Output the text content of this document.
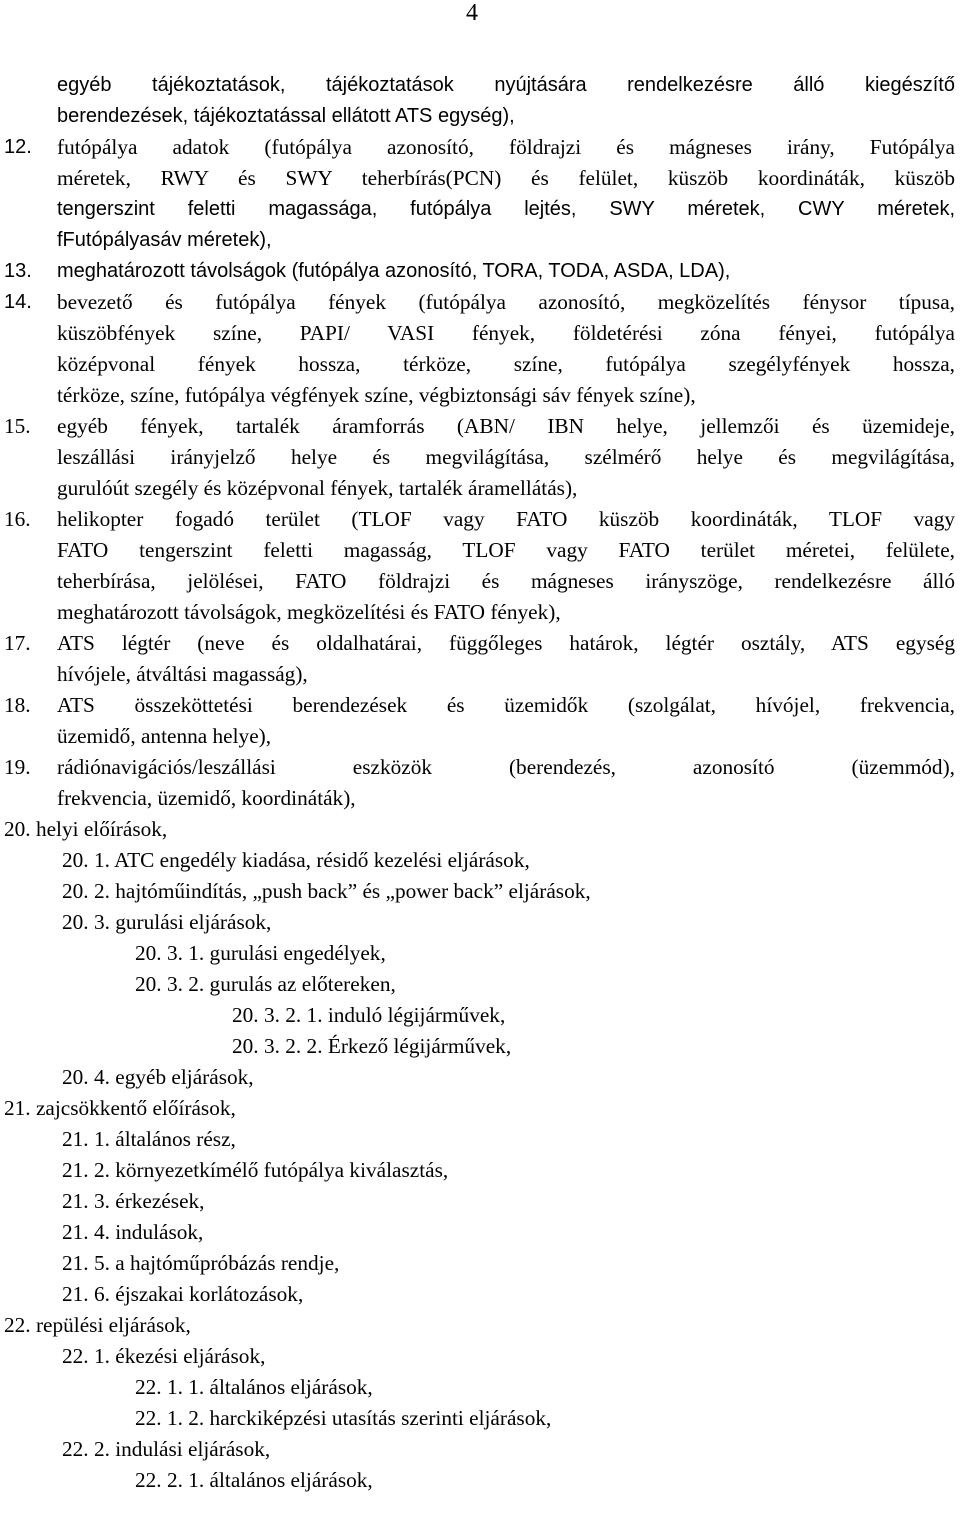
4
egyéb tájékoztatások, tájékoztatások nyújtására rendelkezésre álló kiegészítő
berendezések, tájékoztatással ellátott ATS egység),
12. futópálya adatok (futópálya azonosító, földrajzi és mágneses irány, Futópálya
méretek, RWY és SWY teherbírás(PCN) és felület, küszöb koordináták, küszöb
tengerszint feletti magassága, futópálya lejtés, SWY méretek, CWY méretek,
fFutópályasáv méretek),
13. meghatározott távolságok (futópálya azonosító, TORA, TODA, ASDA, LDA),
14. bevezető és futópálya fények (futópálya azonosító, megközelítés fénysor típusa,
küszöbfények színe, PAPI/ VASI fények, földetérési zóna fényei, futópálya
középvonal fények hossza, térköze, színe, futópálya szegélyfények hossza,
térköze, színe, futópálya végfények színe, végbiztonsági sáv fények színe),
15. egyéb fények, tartalék áramforrás (ABN/ IBN helye, jellemzői és üzemideje,
leszállási irányjelző helye és megvilágítása, szélmérő helye és megvilágítása,
gurulóút szegély és középvonal fények, tartalék áramellátás),
16. helikopter fogadó terület (TLOF vagy FATO küszöb koordináták, TLOF vagy
FATO tengerszint feletti magasság, TLOF vagy FATO terület méretei, felülete,
teherbírása, jelölései, FATO földrajzi és mágneses irányszöge, rendelkezésre álló
meghatározott távolságok, megközelítési és FATO fények),
17. ATS légtér (neve és oldalhatárai, függőleges határok, légtér osztály, ATS egység
hívójele, átváltási magasság),
18. ATS összeköttetési berendezések és üzemidők (szolgálat, hívójel, frekvencia,
üzemidő, antenna helye),
19. rádiónavigációs/leszállási eszközök (berendezés, azonosító (üzemmód),
frekvencia, üzemidő, koordináták),
20. helyi előírások,
20. 1. ATC engedély kiadása, résidő kezelési eljárások,
20. 2. hajtóműindítás, „push back” és „power back” eljárások,
20. 3. gurulási eljárások,
20. 3. 1. gurulási engedélyek,
20. 3. 2. gurulás az előtereken,
20. 3. 2. 1. induló légijárművek,
20. 3. 2. 2. Érkező légijárművek,
20. 4. egyéb eljárások,
21. zajcsökkentő előírások,
21. 1. általános rész,
21. 2. környezetkímélő futópálya kiválasztás,
21. 3. érkezések,
21. 4. indulások,
21. 5. a hajtóműpróbázás rendje,
21. 6. éjszakai korlátozások,
22. repülési eljárások,
22. 1. ékezési eljárások,
22. 1. 1. általános eljárások,
22. 1. 2. harckiképzési utasítás szerinti eljárások,
22. 2. indulási eljárások,
22. 2. 1. általános eljárások,
